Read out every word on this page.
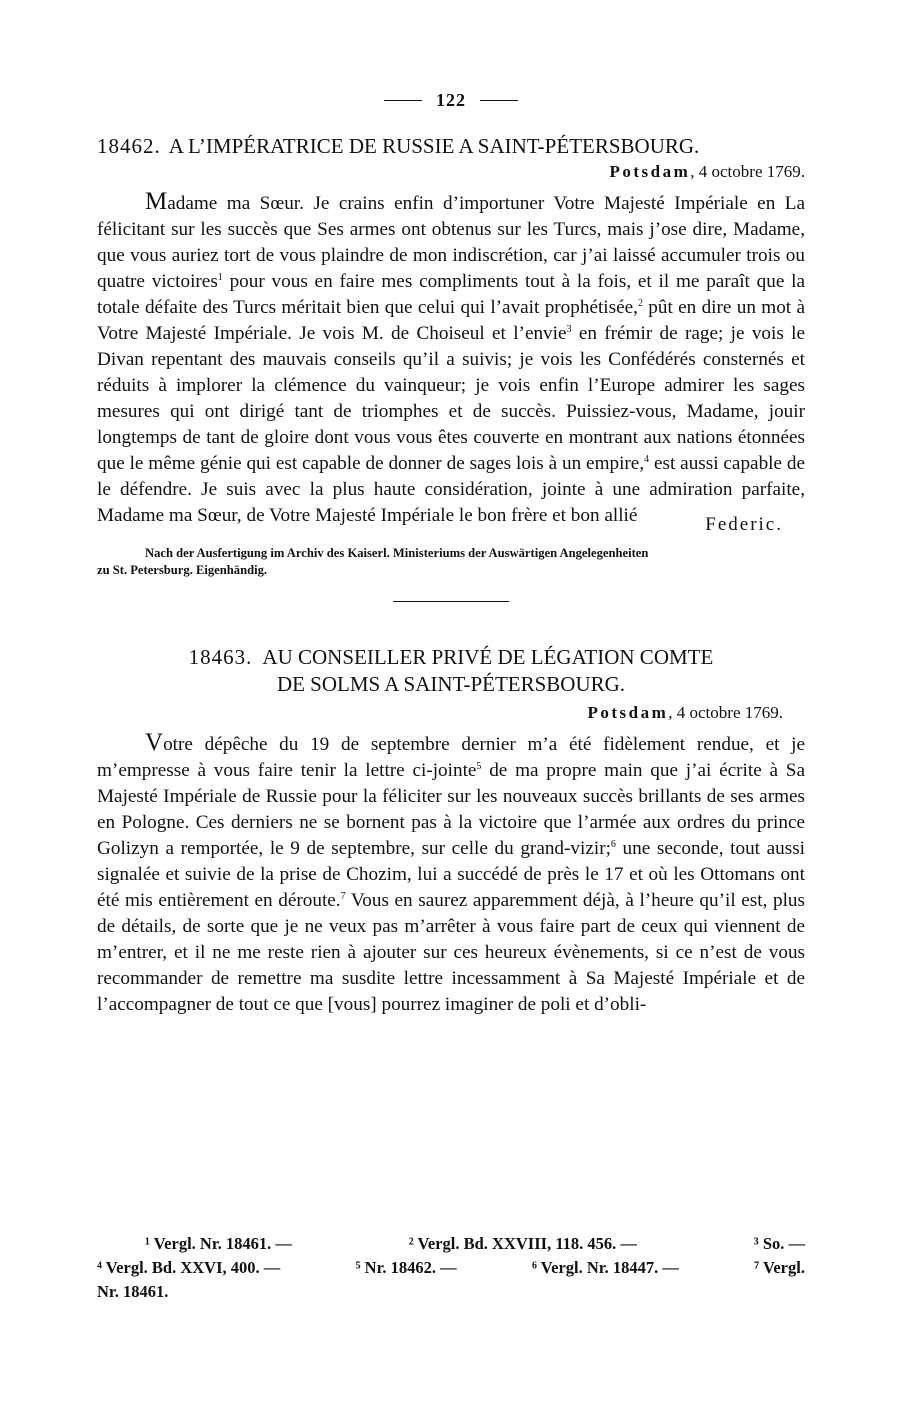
122
18462. A L’IMPÉRATRICE DE RUSSIE A SAINT-PÉTERSBOURG.
Potsdam, 4 octobre 1769.

Madame ma Sœur. Je crains enfin d’importuner Votre Majesté Impériale en La félicitant sur les succès que Ses armes ont obtenus sur les Turcs, mais j’ose dire, Madame, que vous auriez tort de vous plaindre de mon indiscrétion, car j’ai laissé accumuler trois ou quatre victoires$^1$ pour vous en faire mes compliments tout à la fois, et il me paraît que la totale défaite des Turcs méritait bien que celui qui l’avait prophétisée,$^2$ pût en dire un mot à Votre Majesté Impériale. Je vois M. de Choiseul et l’envie$^3$ en frémir de rage; je vois le Divan repentant des mauvais conseils qu’il a suivis; je vois les Confédérés consternés et réduits à implorer la clémence du vainqueur; je vois enfin l’Europe admirer les sages mesures qui ont dirigé tant de triomphes et de succès. Puissiez-vous, Madame, jouir longtemps de tant de gloire dont vous vous êtes couverte en montrant aux nations étonnées que le même génie qui est capable de donner de sages lois à un empire,$^4$ est aussi capable de le défendre. Je suis avec la plus haute considération, jointe à une admiration parfaite, Madame ma Sœur, de Votre Majesté Impériale le bon frère et bon allié	Federic.
Nach der Ausfertigung im Archiv des Kaiserl. Ministeriums der Auswärtigen Angelegenheiten
zu St. Petersburg. Eigenhändig.
18463. AU CONSEILLER PRIVÉ DE LÉGATION COMTE
DE SOLMS A SAINT-PÉTERSBOURG.
Potsdam, 4 octobre 1769.

Votre dépêche du 19 de septembre dernier m’a été fidèlement rendue, et je m’empresse à vous faire tenir la lettre ci-jointe$^5$ de ma propre main que j’ai écrite à Sa Majesté Impériale de Russie pour la féliciter sur les nouveaux succès brillants de ses armes en Pologne. Ces derniers ne se bornent pas à la victoire que l’armée aux ordres du prince Golizyn a remportée, le 9 de septembre, sur celle du grand-vizir;$^6$ une seconde, tout aussi signalée et suivie de la prise de Chozim, lui a succédé de près le 17 et où les Ottomans ont été mis entièrement en déroute.$^7$ Vous en saurez apparemment déjà, à l’heure qu’il est, plus de détails, de sorte que je ne veux pas m’arrêter à vous faire part de ceux qui viennent de m’entrer, et il ne me reste rien à ajouter sur ces heureux évènements, si ce n’est de vous recommander de remettre ma susdite lettre incessamment à Sa Majesté Impériale et de l’accompagner de tout ce que [vous] pourrez imaginer de poli et d’obli-

¹ Vergl. Nr. 18461. —	² Vergl. Bd. XXVIII, 118. 456. —	³ So. —
⁴ Vergl. Bd. XXVI, 400. —	⁵ Nr. 18462. —	⁶ Vergl. Nr. 18447. —	⁷ Vergl.
Nr. 18461.
